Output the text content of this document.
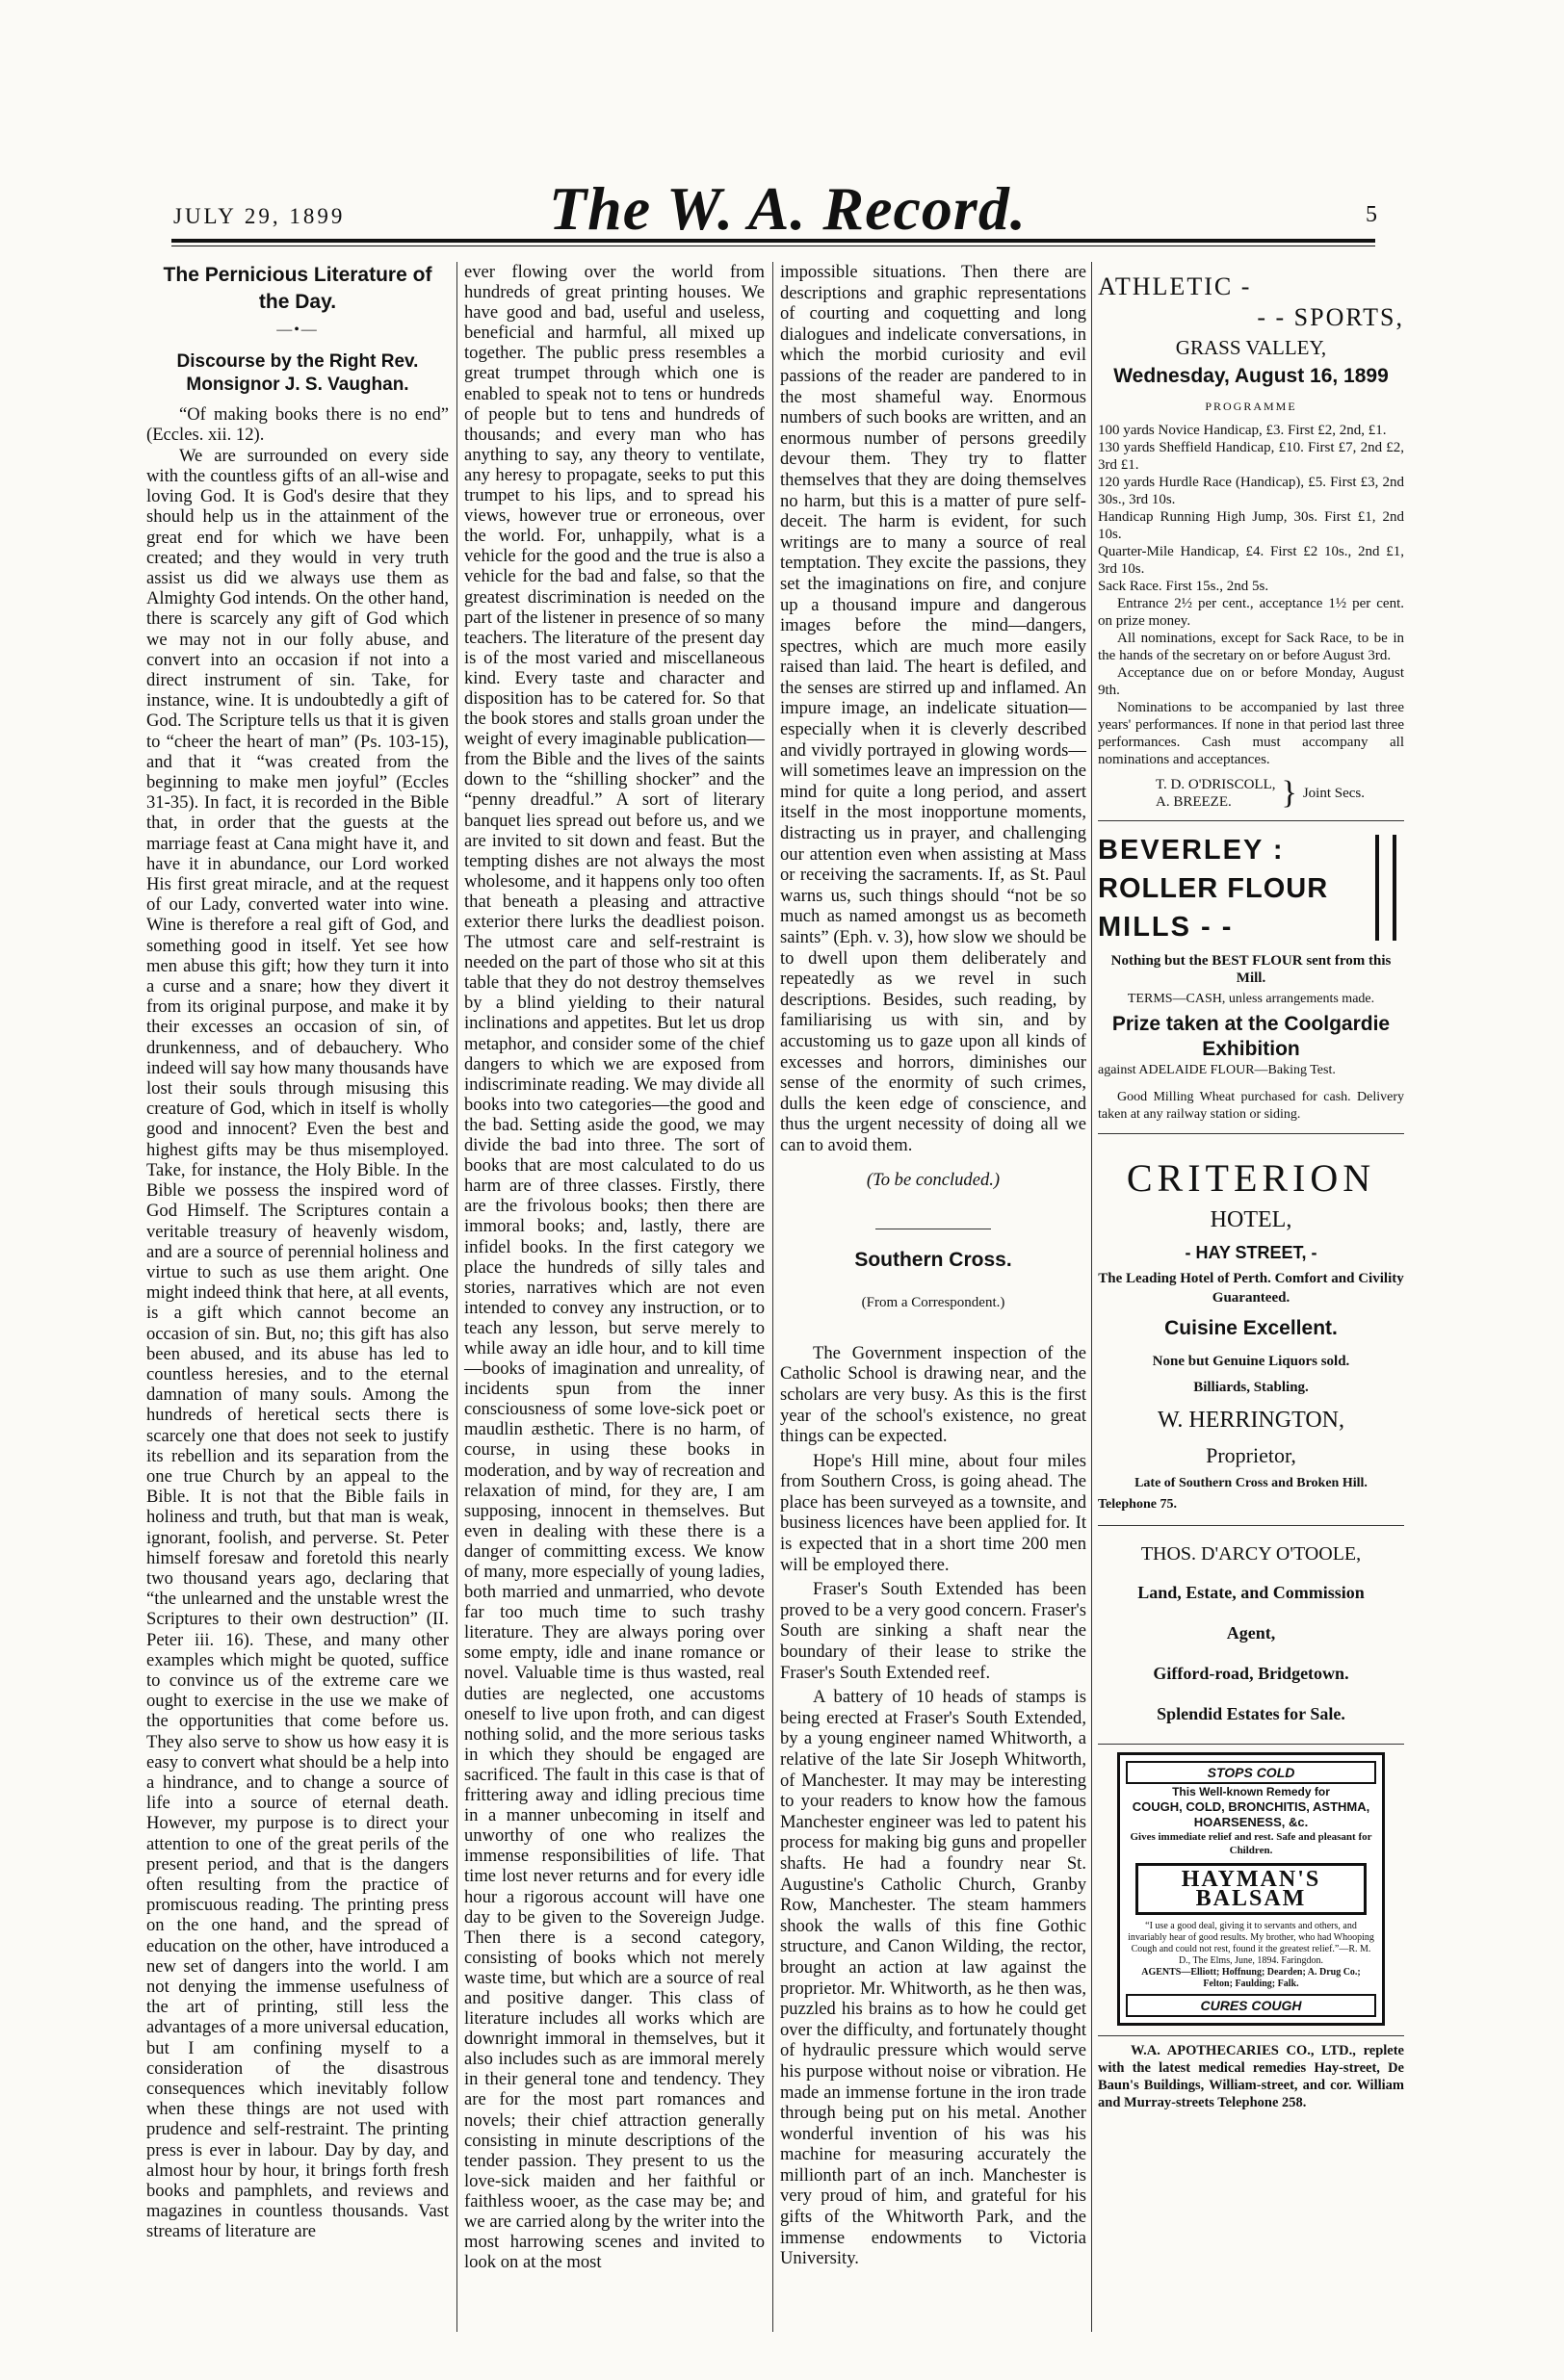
JULY 29, 1899	The W. A. Record.	5
The Pernicious Literature of the Day.
—•—
Discourse by the Right Rev. Monsignor J. S. Vaughan.

“Of making books there is no end” (Eccles. xii. 12).

We are surrounded on every side with the countless gifts of an all-wise and loving God. It is God's desire that they should help us in the attainment of the great end for which we have been created; and they would in very truth assist us did we always use them as Almighty God intends. On the other hand, there is scarcely any gift of God which we may not in our folly abuse, and convert into an occasion if not into a direct instrument of sin. Take, for instance, wine. It is undoubtedly a gift of God. The Scripture tells us that it is given to “cheer the heart of man” (Ps. 103-15), and that it “was created from the beginning to make men joyful” (Eccles 31-35). In fact, it is recorded in the Bible that, in order that the guests at the marriage feast at Cana might have it, and have it in abundance, our Lord worked His first great miracle, and at the request of our Lady, converted water into wine. Wine is therefore a real gift of God, and something good in itself. Yet see how men abuse this gift; how they turn it into a curse and a snare; how they divert it from its original purpose, and make it by their excesses an occasion of sin, of drunkenness, and of debauchery. Who indeed will say how many thousands have lost their souls through misusing this creature of God, which in itself is wholly good and innocent? Even the best and highest gifts may be thus misemployed. Take, for instance, the Holy Bible. In the Bible we possess the inspired word of God Himself. The Scriptures contain a veritable treasury of heavenly wisdom, and are a source of perennial holiness and virtue to such as use them aright. One might indeed think that here, at all events, is a gift which cannot become an occasion of sin. But, no; this gift has also been abused, and its abuse has led to countless heresies, and to the eternal damnation of many souls. Among the hundreds of heretical sects there is scarcely one that does not seek to justify its rebellion and its separation from the one true Church by an appeal to the Bible. It is not that the Bible fails in holiness and truth, but that man is weak, ignorant, foolish, and perverse. St. Peter himself foresaw and foretold this nearly two thousand years ago, declaring that “the unlearned and the unstable wrest the Scriptures to their own destruction” (II. Peter iii. 16). These, and many other examples which might be quoted, suffice to convince us of the extreme care we ought to exercise in the use we make of the opportunities that come before us. They also serve to show us how easy it is easy to convert what should be a help into a hindrance, and to change a source of life into a source of eternal death. However, my purpose is to direct your attention to one of the great perils of the present period, and that is the dangers often resulting from the practice of promiscuous reading. The printing press on the one hand, and the spread of education on the other, have introduced a new set of dangers into the world. I am not denying the immense usefulness of the art of printing, still less the advantages of a more universal education, but I am confining myself to a consideration of the disastrous consequences which inevitably follow when these things are not used with prudence and self-restraint. The printing press is ever in labour. Day by day, and almost hour by hour, it brings forth fresh books and pamphlets, and reviews and magazines in countless thousands. Vast streams of literature are

ever flowing over the world from hundreds of great printing houses. We have good and bad, useful and useless, beneficial and harmful, all mixed up together. The public press resembles a great trumpet through which one is enabled to speak not to tens or hundreds of people but to tens and hundreds of thousands; and every man who has anything to say, any theory to ventilate, any heresy to propagate, seeks to put this trumpet to his lips, and to spread his views, however true or erroneous, over the world. For, unhappily, what is a vehicle for the good and the true is also a vehicle for the bad and false, so that the greatest discrimination is needed on the part of the listener in presence of so many teachers. The literature of the present day is of the most varied and miscellaneous kind. Every taste and character and disposition has to be catered for. So that the book stores and stalls groan under the weight of every imaginable publication—from the Bible and the lives of the saints down to the “shilling shocker” and the “penny dreadful.” A sort of literary banquet lies spread out before us, and we are invited to sit down and feast. But the tempting dishes are not always the most wholesome, and it happens only too often that beneath a pleasing and attractive exterior there lurks the deadliest poison. The utmost care and self-restraint is needed on the part of those who sit at this table that they do not destroy themselves by a blind yielding to their natural inclinations and appetites. But let us drop metaphor, and consider some of the chief dangers to which we are exposed from indiscriminate reading. We may divide all books into two categories—the good and the bad. Setting aside the good, we may divide the bad into three. The sort of books that are most calculated to do us harm are of three classes. Firstly, there are the frivolous books; then there are immoral books; and, lastly, there are infidel books. In the first category we place the hundreds of silly tales and stories, narratives which are not even intended to convey any instruction, or to teach any lesson, but serve merely to while away an idle hour, and to kill time—books of imagination and unreality, of incidents spun from the inner consciousness of some love-sick poet or maudlin æsthetic. There is no harm, of course, in using these books in moderation, and by way of recreation and relaxation of mind, for they are, I am supposing, innocent in themselves. But even in dealing with these there is a danger of committing excess. We know of many, more especially of young ladies, both married and unmarried, who devote far too much time to such trashy literature. They are always poring over some empty, idle and inane romance or novel. Valuable time is thus wasted, real duties are neglected, one accustoms oneself to live upon froth, and can digest nothing solid, and the more serious tasks in which they should be engaged are sacrificed. The fault in this case is that of frittering away and idling precious time in a manner unbecoming in itself and unworthy of one who realizes the immense responsibilities of life. That time lost never returns and for every idle hour a rigorous account will have one day to be given to the Sovereign Judge. Then there is a second category, consisting of books which not merely waste time, but which are a source of real and positive danger. This class of literature includes all works which are downright immoral in themselves, but it also includes such as are immoral merely in their general tone and tendency. They are for the most part romances and novels; their chief attraction generally consisting in minute descriptions of the tender passion. They present to us the love-sick maiden and her faithful or faithless wooer, as the case may be; and we are carried along by the writer into the most harrowing scenes and invited to look on at the most

impossible situations. Then there are descriptions and graphic representations of courting and coquetting and long dialogues and indelicate conversations, in which the morbid curiosity and evil passions of the reader are pandered to in the most shameful way. Enormous numbers of such books are written, and an enormous number of persons greedily devour them. They try to flatter themselves that they are doing themselves no harm, but this is a matter of pure self-deceit. The harm is evident, for such writings are to many a source of real temptation. They excite the passions, they set the imaginations on fire, and conjure up a thousand impure and dangerous images before the mind—dangers, spectres, which are much more easily raised than laid. The heart is defiled, and the senses are stirred up and inflamed. An impure image, an indelicate situation—especially when it is cleverly described and vividly portrayed in glowing words—will sometimes leave an impression on the mind for quite a long period, and assert itself in the most inopportune moments, distracting us in prayer, and challenging our attention even when assisting at Mass or receiving the sacraments. If, as St. Paul warns us, such things should “not be so much as named amongst us as becometh saints” (Eph. v. 3), how slow we should be to dwell upon them deliberately and repeatedly as we revel in such descriptions. Besides, such reading, by familiarising us with sin, and by accustoming us to gaze upon all kinds of excesses and horrors, diminishes our sense of the enormity of such crimes, dulls the keen edge of conscience, and thus the urgent necessity of doing all we can to avoid them.

(To be concluded.)

Southern Cross.

(From a Correspondent.)

The Government inspection of the Catholic School is drawing near, and the scholars are very busy. As this is the first year of the school's existence, no great things can be expected.

Hope's Hill mine, about four miles from Southern Cross, is going ahead. The place has been surveyed as a townsite, and business licences have been applied for. It is expected that in a short time 200 men will be employed there.

Fraser's South Extended has been proved to be a very good concern. Fraser's South are sinking a shaft near the boundary of their lease to strike the Fraser's South Extended reef.

A battery of 10 heads of stamps is being erected at Fraser's South Extended, by a young engineer named Whitworth, a relative of the late Sir Joseph Whitworth, of Manchester. It may may be interesting to your readers to know how the famous Manchester engineer was led to patent his process for making big guns and propeller shafts. He had a foundry near St. Augustine's Catholic Church, Granby Row, Manchester. The steam hammers shook the walls of this fine Gothic structure, and Canon Wilding, the rector, brought an action at law against the proprietor. Mr. Whitworth, as he then was, puzzled his brains as to how he could get over the difficulty, and fortunately thought of hydraulic pressure which would serve his purpose without noise or vibration. He made an immense fortune in the iron trade through being put on his metal. Another wonderful invention of his was his machine for measuring accurately the millionth part of an inch. Manchester is very proud of him, and grateful for his gifts of the Whitworth Park, and the immense endowments to Victoria University.

ATHLETIC -

- - SPORTS,

GRASS VALLEY,

Wednesday, August 16, 1899

PROGRAMME

100 yards Novice Handicap, £3. First £2, 2nd, £1.

130 yards Sheffield Handicap, £10. First £7, 2nd £2, 3rd £1.

120 yards Hurdle Race (Handicap), £5. First £3, 2nd 30s., 3rd 10s.

Handicap Running High Jump, 30s. First £1, 2nd 10s.

Quarter-Mile Handicap, £4. First £2 10s., 2nd £1, 3rd 10s.

Sack Race. First 15s., 2nd 5s.

Entrance 2½ per cent., acceptance 1½ per cent. on prize money.

All nominations, except for Sack Race, to be in the hands of the secretary on or before August 3rd.

Acceptance due on or before Monday, August 9th.

Nominations to be accompanied by last three years' performances. If none in that period last three performances. Cash must accompany all nominations and acceptances.

T. D. O'DRISCOLL,

A. BREEZE.	} Joint Secs.

BEVERLEY :

ROLLER FLOUR

MILLS - -

Nothing but the BEST FLOUR sent from this Mill.

TERMS—CASH, unless arrangements made.

Prize taken at the Coolgardie Exhibition

against ADELAIDE FLOUR—Baking Test.

Good Milling Wheat purchased for cash. Delivery taken at any railway station or siding.

CRITERION

HOTEL,

- HAY STREET, -

The Leading Hotel of Perth. Comfort and Civility Guaranteed.

Cuisine Excellent.

None but Genuine Liquors sold.

Billiards, Stabling.

W. HERRINGTON,

Proprietor,

Late of Southern Cross and Broken Hill.

Telephone 75.

THOS. D'ARCY O'TOOLE,

Land, Estate, and Commission

Agent,

Gifford-road, Bridgetown.

Splendid Estates for Sale.

STOPS COLD
This Well-known Remedy for
COUGH, COLD, BRONCHITIS, ASTHMA, HOARSENESS, &c.
Gives immediate relief and rest. Safe and pleasant for Children.
HAYMAN'S BALSAM
“I use a good deal, giving it to servants and others, and invariably hear of good results. My brother, who had Whooping Cough and could not rest, found it the greatest relief.”—R. M. D., The Elms, June, 1894. Faringdon.
AGENTS—Elliott; Hoffnung; Dearden; A. Drug Co.; Felton; Faulding; Falk.
CURES COUGH

W.A. APOTHECARIES CO., LTD., replete with the latest medical remedies Hay-street, De Baun's Buildings, William-street, and cor. William and Murray-streets Telephone 258.
